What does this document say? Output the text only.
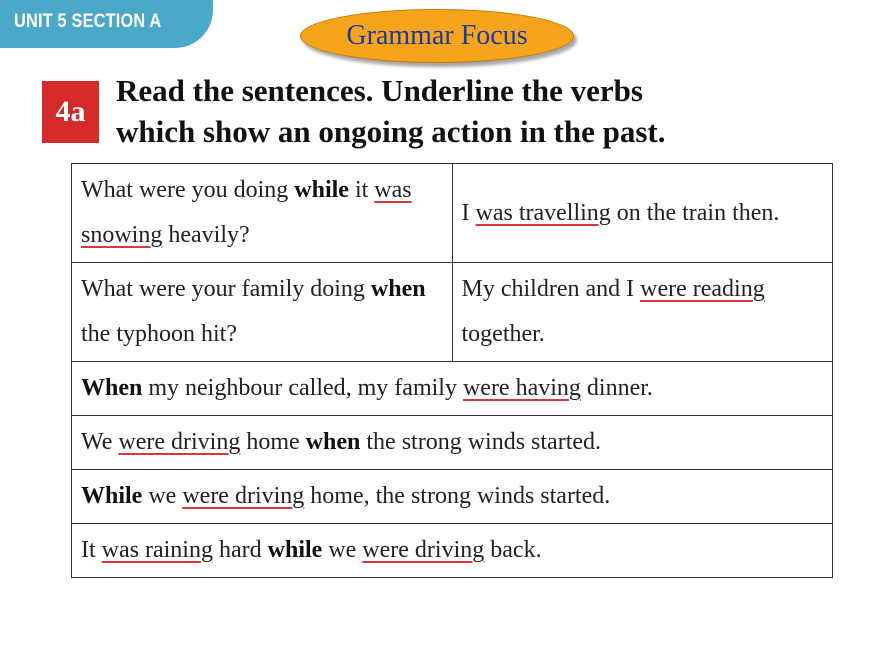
UNIT 5 SECTION A	Grammar Focus
4a
Read the sentences. Underline the verbs
which show an ongoing action in the past.
What were you doing while it was snowing heavily?	I was travelling on the train then.

What were your family doing when the typhoon hit?	My children and I were reading together.

When my neighbour called, my family were having dinner.	

We were driving home when the strong winds started.	

While we were driving home, the strong winds started.	

It was raining hard while we were driving back.	
